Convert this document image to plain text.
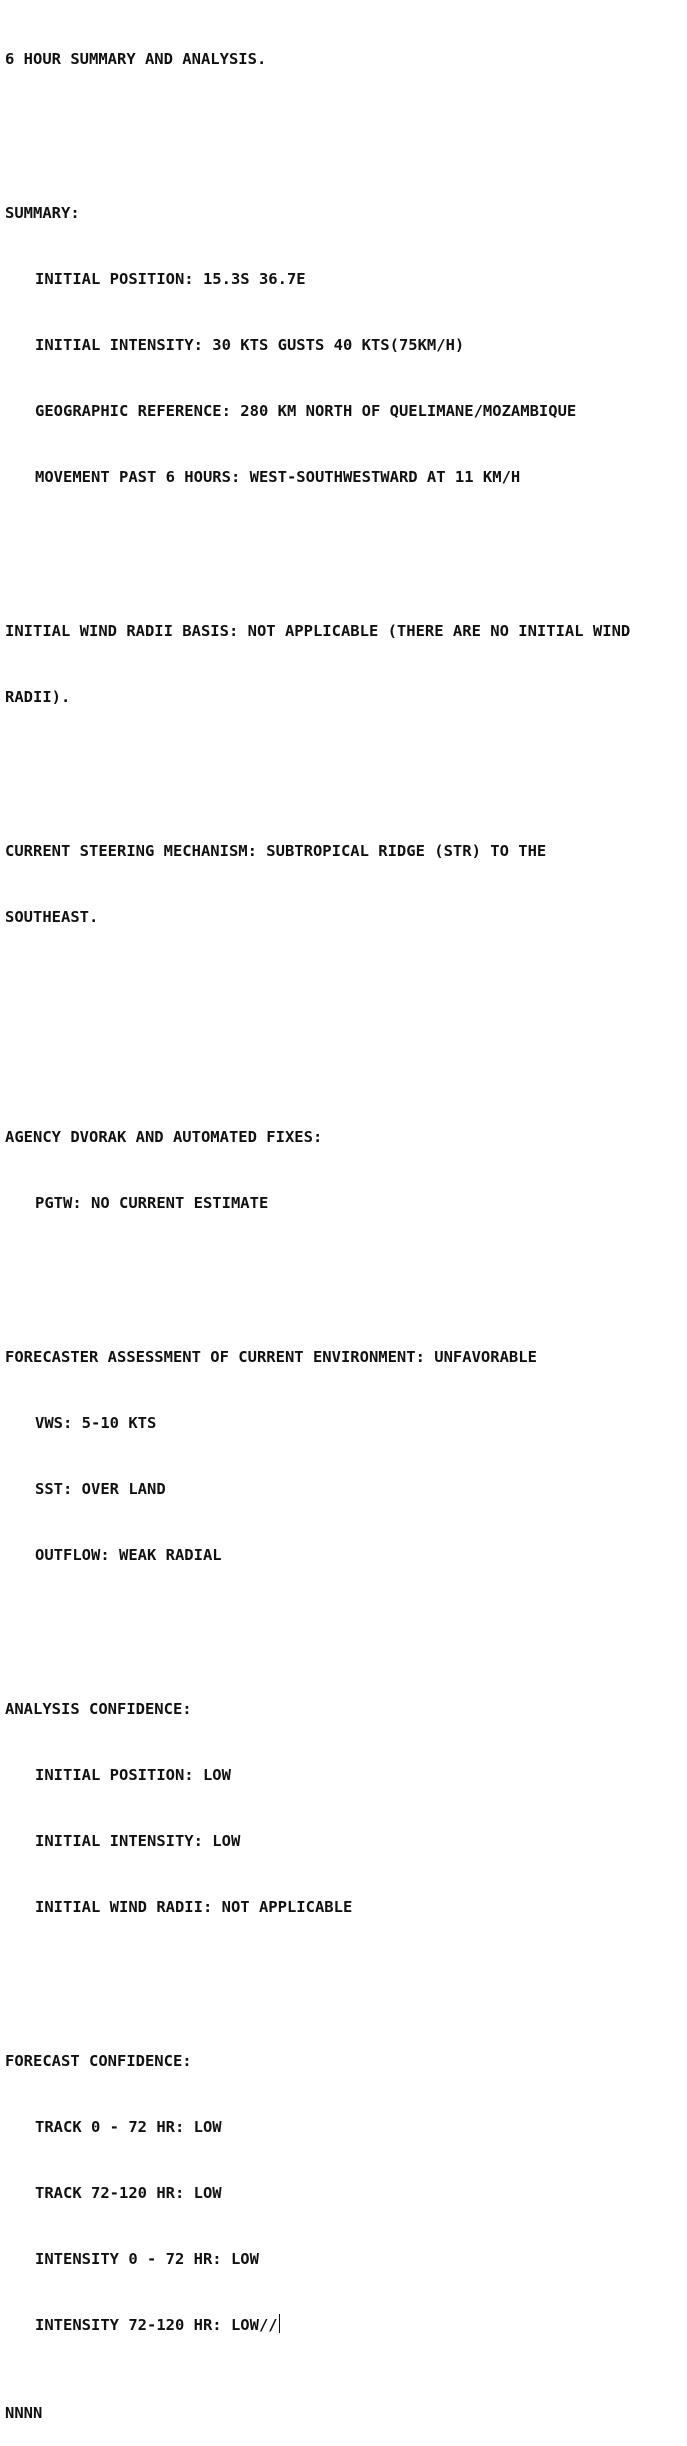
6 HOUR SUMMARY AND ANALYSIS.

SUMMARY:

INITIAL POSITION: 15.3S 36.7E

INITIAL INTENSITY: 30 KTS GUSTS 40 KTS(75KM/H)

GEOGRAPHIC REFERENCE: 280 KM NORTH OF QUELIMANE/MOZAMBIQUE

MOVEMENT PAST 6 HOURS: WEST-SOUTHWESTWARD AT 11 KM/H

INITIAL WIND RADII BASIS: NOT APPLICABLE (THERE ARE NO INITIAL WIND

RADII).

CURRENT STEERING MECHANISM: SUBTROPICAL RIDGE (STR) TO THE

SOUTHEAST.

AGENCY DVORAK AND AUTOMATED FIXES:

PGTW: NO CURRENT ESTIMATE

FORECASTER ASSESSMENT OF CURRENT ENVIRONMENT: UNFAVORABLE

VWS: 5-10 KTS

SST: OVER LAND

OUTFLOW: WEAK RADIAL

ANALYSIS CONFIDENCE:

INITIAL POSITION: LOW

INITIAL INTENSITY: LOW

INITIAL WIND RADII: NOT APPLICABLE

FORECAST CONFIDENCE:

TRACK 0 - 72 HR: LOW

TRACK 72-120 HR: LOW

INTENSITY 0 - 72 HR: LOW

INTENSITY 72-120 HR: LOW//

NNNN
